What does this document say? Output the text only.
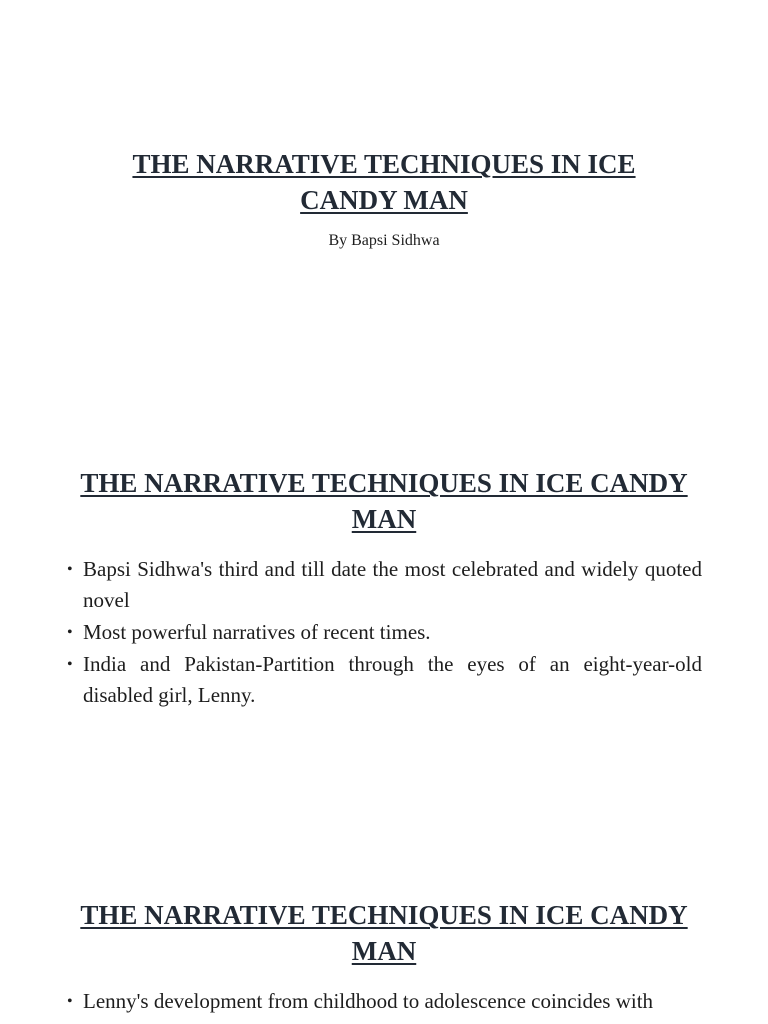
THE NARRATIVE TECHNIQUES IN ICE CANDY MAN

By Bapsi Sidhwa

THE NARRATIVE TECHNIQUES IN ICE CANDY MAN
• Bapsi Sidhwa's third and till date the most celebrated and widely quoted novel
• Most powerful narratives of recent times.
• India and Pakistan-Partition through the eyes of an eight-year-old disabled girl, Lenny.
THE NARRATIVE TECHNIQUES IN ICE CANDY MAN
• Lenny's development from childhood to adolescence coincides with
